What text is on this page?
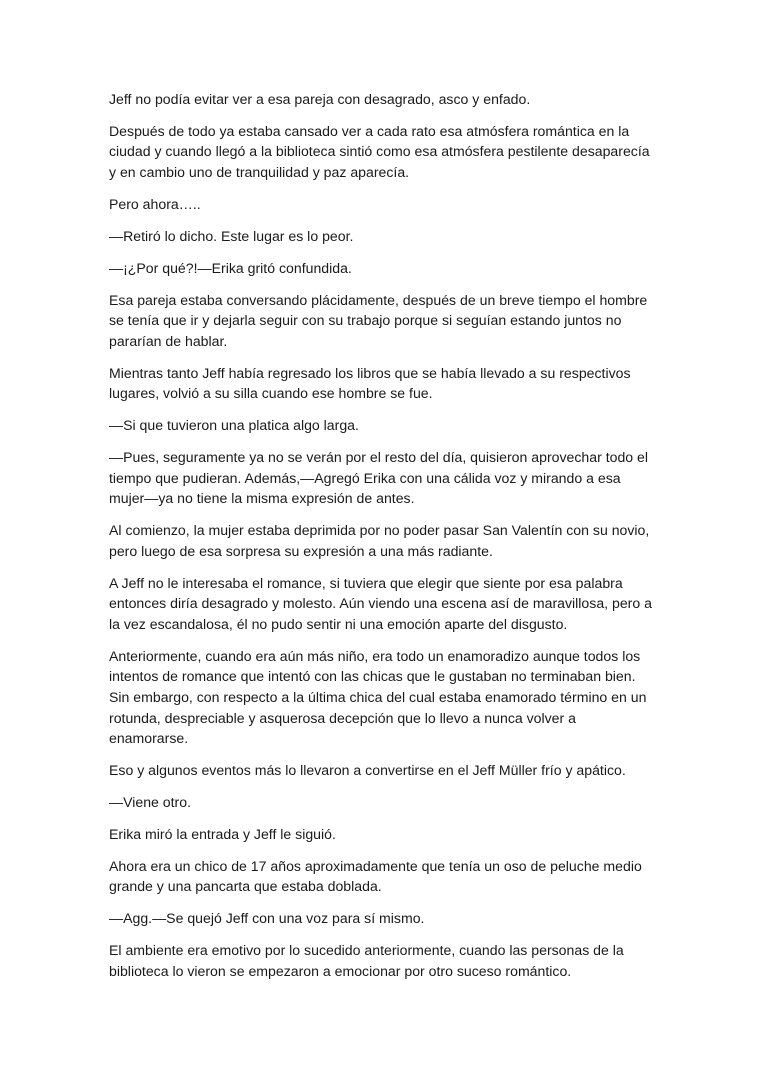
Jeff no podía evitar ver a esa pareja con desagrado, asco y enfado.

Después de todo ya estaba cansado ver a cada rato esa atmósfera romántica en la ciudad y cuando llegó a la biblioteca sintió como esa atmósfera pestilente desaparecía y en cambio uno de tranquilidad y paz aparecía.

Pero ahora…..

—Retiró lo dicho. Este lugar es lo peor.

—¡¿Por qué?!—Erika gritó confundida.

Esa pareja estaba conversando plácidamente, después de un breve tiempo el hombre se tenía que ir y dejarla seguir con su trabajo porque si seguían estando juntos no pararían de hablar.

Mientras tanto Jeff había regresado los libros que se había llevado a su respectivos lugares, volvió a su silla cuando ese hombre se fue.

—Si que tuvieron una platica algo larga.

—Pues, seguramente ya no se verán por el resto del día, quisieron aprovechar todo el tiempo que pudieran. Además,—Agregó Erika con una cálida voz y mirando a esa mujer—ya no tiene la misma expresión de antes.

Al comienzo, la mujer estaba deprimida por no poder pasar San Valentín con su novio, pero luego de esa sorpresa su expresión a una más radiante.

A Jeff no le interesaba el romance, si tuviera que elegir que siente por esa palabra entonces diría desagrado y molesto. Aún viendo una escena así de maravillosa, pero a la vez escandalosa, él no pudo sentir ni una emoción aparte del disgusto.

Anteriormente, cuando era aún más niño, era todo un enamoradizo aunque todos los intentos de romance que intentó con las chicas que le gustaban no terminaban bien. Sin embargo, con respecto a la última chica del cual estaba enamorado término en un rotunda, despreciable y asquerosa decepción que lo llevo a nunca volver a enamorarse.

Eso y algunos eventos más lo llevaron a convertirse en el Jeff Müller frío y apático.

—Viene otro.

Erika miró la entrada y Jeff le siguió.

Ahora era un chico de 17 años aproximadamente que tenía un oso de peluche medio grande y una pancarta que estaba doblada.

—Agg.—Se quejó Jeff con una voz para sí mismo.

El ambiente era emotivo por lo sucedido anteriormente, cuando las personas de la biblioteca lo vieron se empezaron a emocionar por otro suceso romántico.
